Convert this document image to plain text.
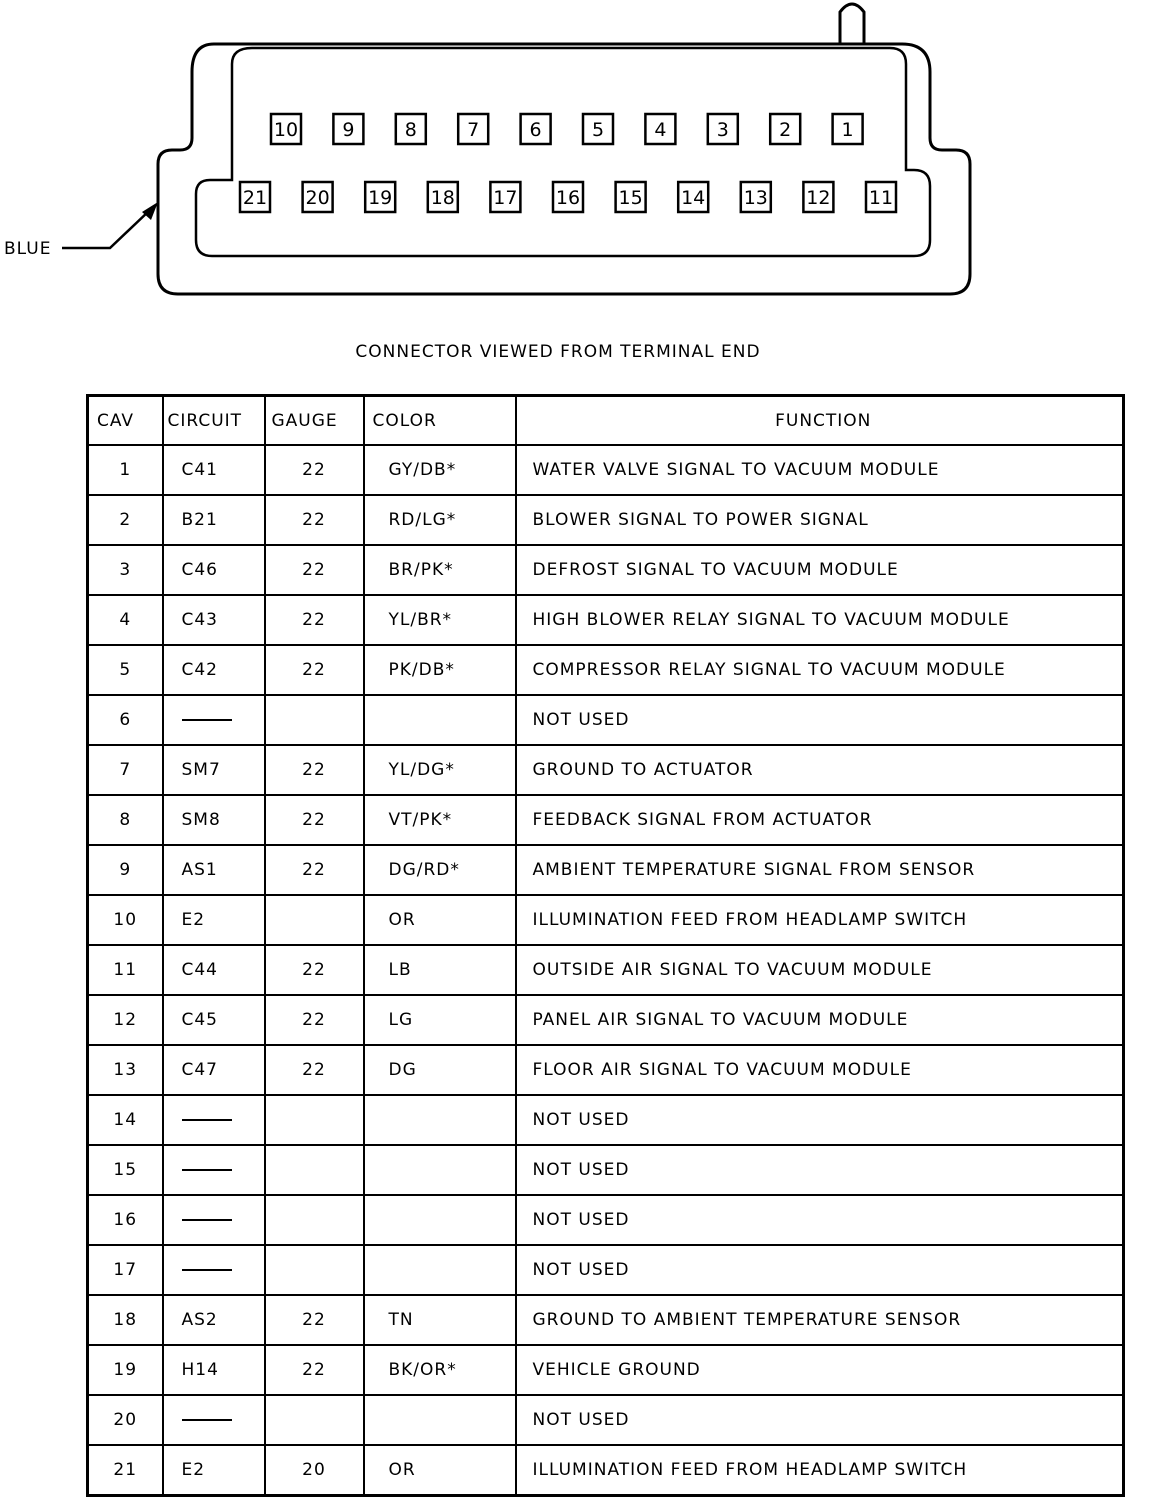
10 9	8	7	6	5	4	3	2	1
21 20 19 18 17 16 15 14 13 12 11
BLUE
CONNECTOR VIEWED FROM TERMINAL END
CAV	CIRCUIT	GAUGE	COLOR	FUNCTION
1	C41	22	GY/DB*	WATER VALVE SIGNAL TO VACUUM MODULE
2	B21	22	RD/LG*	BLOWER SIGNAL TO POWER SIGNAL
3	C46	22	BR/PK*	DEFROST SIGNAL TO VACUUM MODULE
4	C43	22	YL/BR*	HIGH BLOWER RELAY SIGNAL TO VACUUM MODULE
5	C42	22	PK/DB*	COMPRESSOR RELAY SIGNAL TO VACUUM MODULE
6				NOT USED
7	SM7	22	YL/DG*	GROUND TO ACTUATOR
8	SM8	22	VT/PK*	FEEDBACK SIGNAL FROM ACTUATOR
9	AS1	22	DG/RD*	AMBIENT TEMPERATURE SIGNAL FROM SENSOR
10	E2		OR	ILLUMINATION FEED FROM HEADLAMP SWITCH
11	C44	22	LB	OUTSIDE AIR SIGNAL TO VACUUM MODULE
12	C45	22	LG	PANEL AIR SIGNAL TO VACUUM MODULE
13	C47	22	DG	FLOOR AIR SIGNAL TO VACUUM MODULE
14				NOT USED
15				NOT USED
16				NOT USED
17				NOT USED
18	AS2	22	TN	GROUND TO AMBIENT TEMPERATURE SENSOR
19	H14	22	BK/OR*	VEHICLE GROUND
20				NOT USED
21	E2	20	OR	ILLUMINATION FEED FROM HEADLAMP SWITCH
